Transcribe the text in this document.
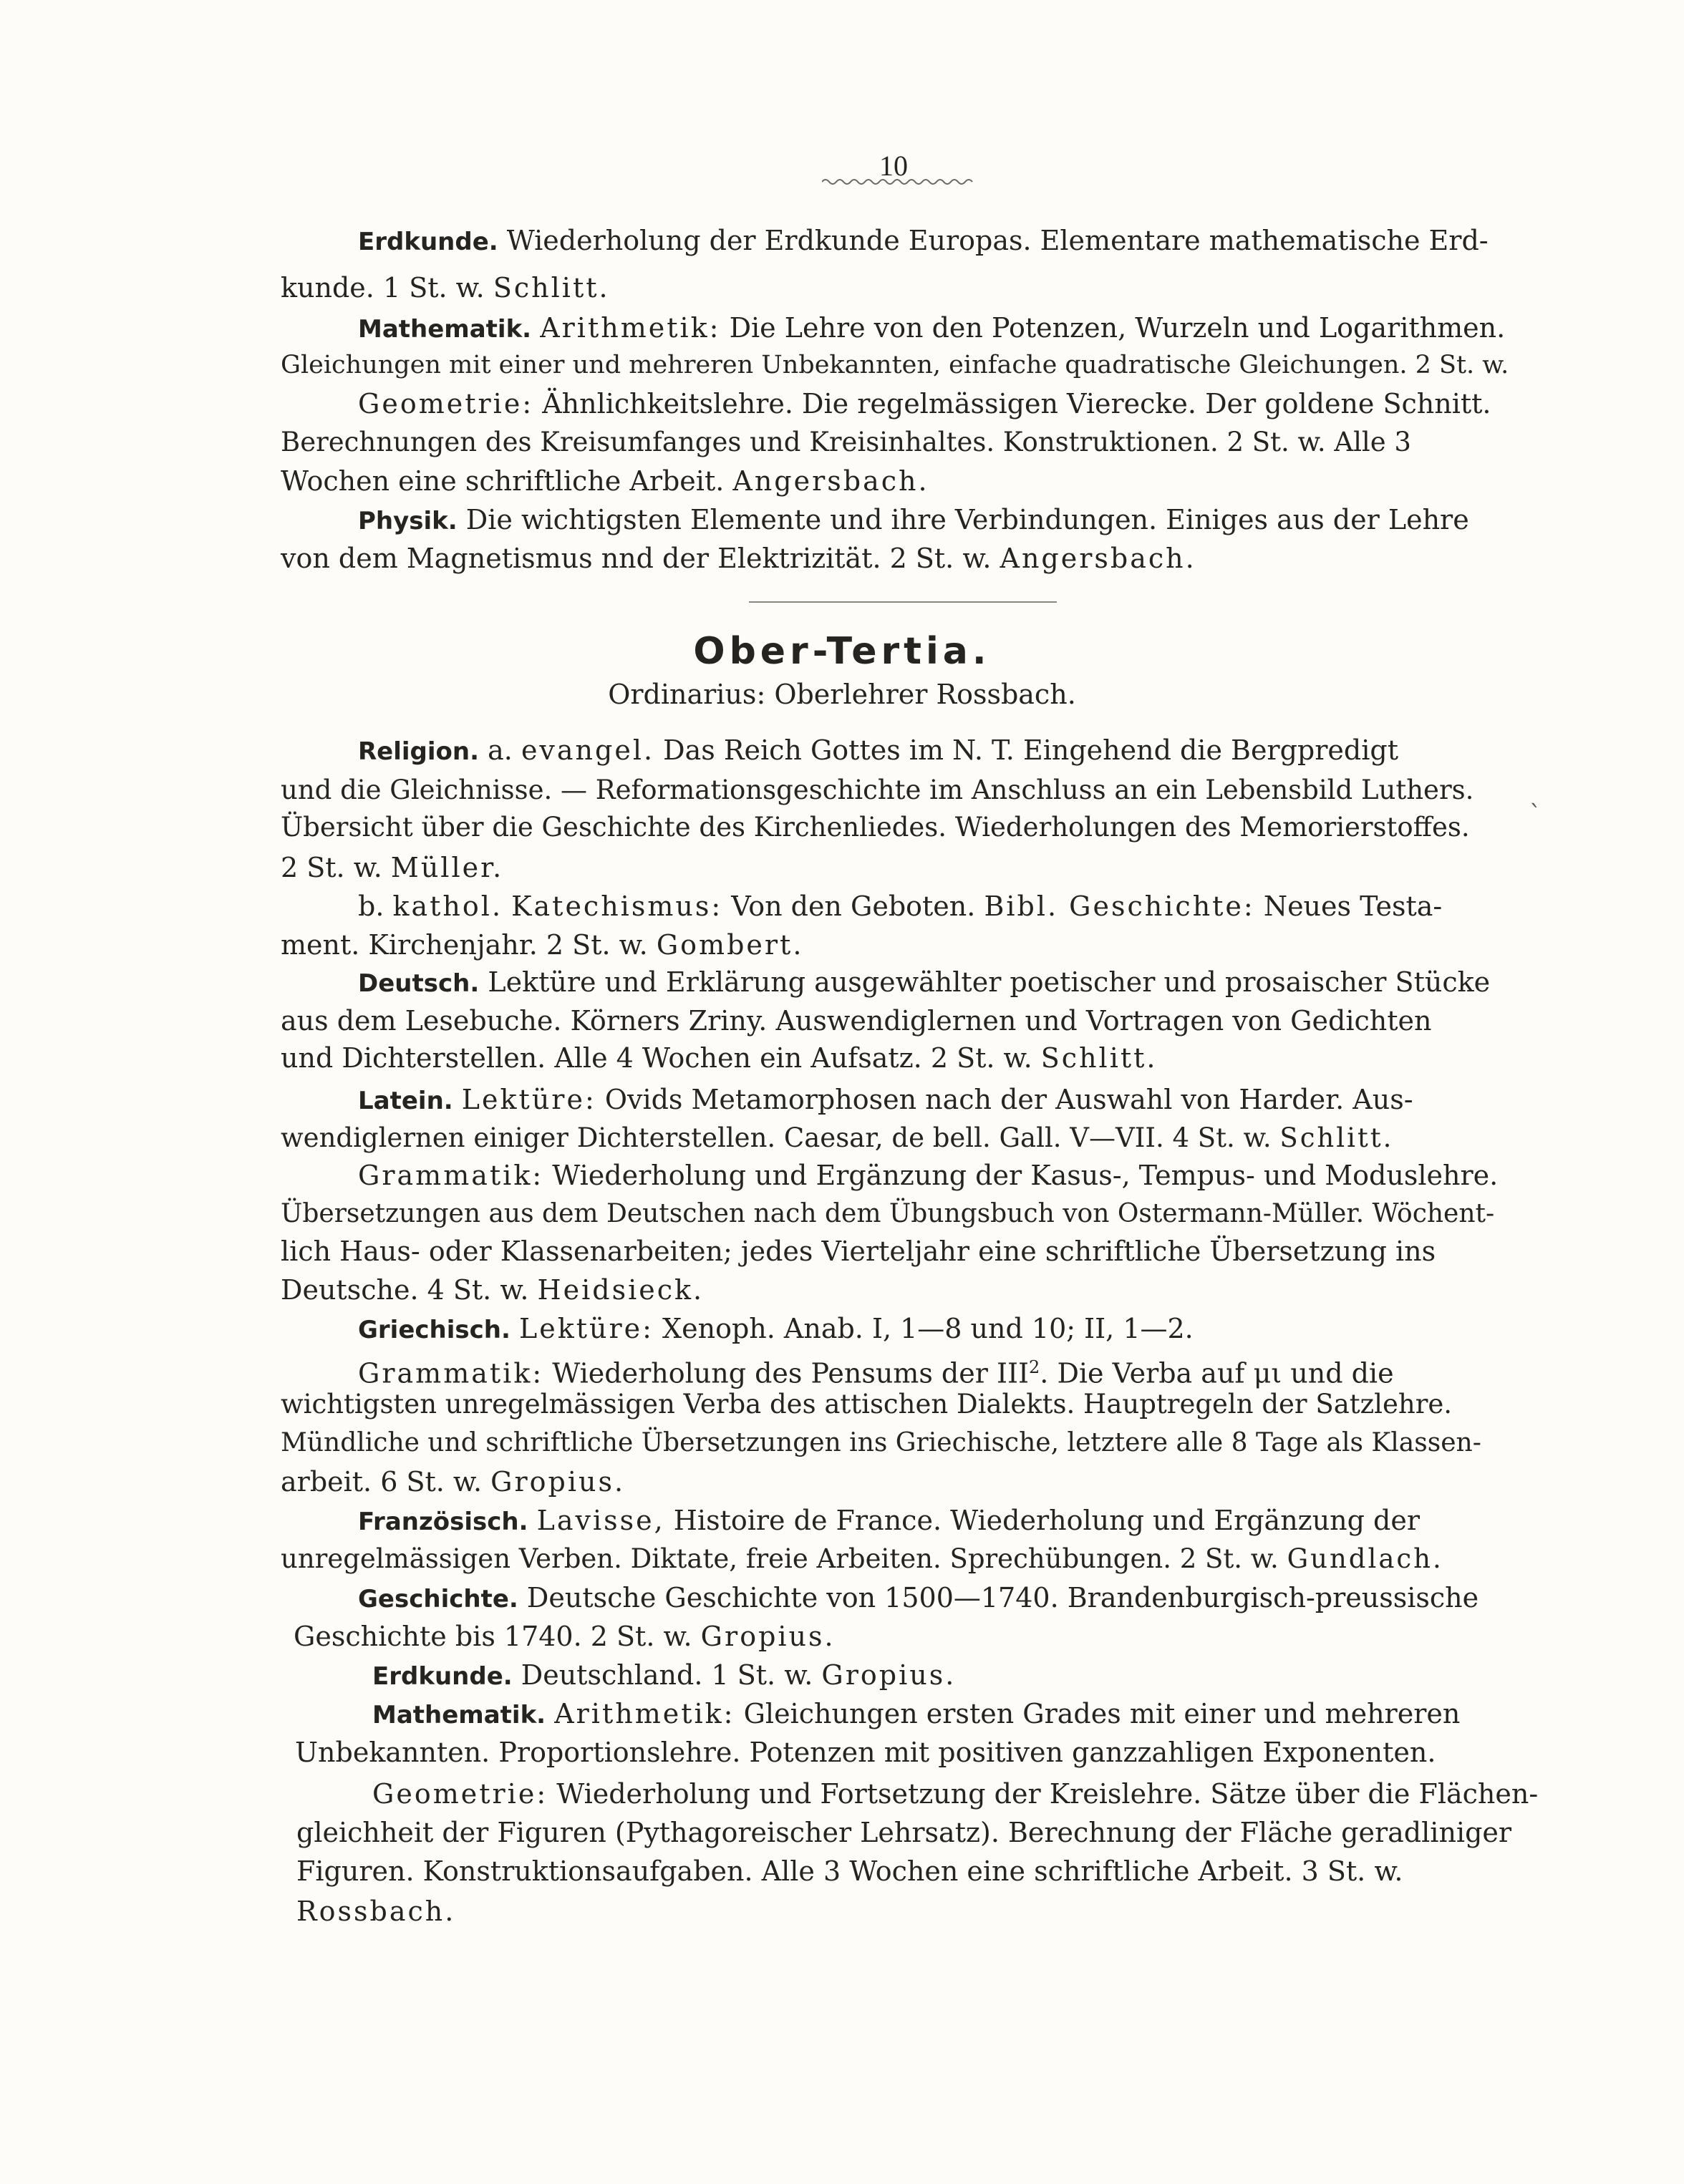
10
Erdkunde. Wiederholung der Erdkunde Europas. Elementare mathematische Erd-
kunde. 1 St. w. Schlitt.
Mathematik. Arithmetik: Die Lehre von den Potenzen, Wurzeln und Logarithmen.
Gleichungen mit einer und mehreren Unbekannten, einfache quadratische Gleichungen. 2 St. w.
Geometrie: Ähnlichkeitslehre. Die regelmässigen Vierecke. Der goldene Schnitt.
Berechnungen des Kreisumfanges und Kreisinhaltes. Konstruktionen. 2 St. w. Alle 3
Wochen eine schriftliche Arbeit. Angersbach.
Physik. Die wichtigsten Elemente und ihre Verbindungen. Einiges aus der Lehre
von dem Magnetismus nnd der Elektrizität. 2 St. w. Angersbach.
Ober-Tertia.
Ordinarius: Oberlehrer Rossbach.
Religion. a. evangel. Das Reich Gottes im N. T. Eingehend die Bergpredigt
und die Gleichnisse. — Reformationsgeschichte im Anschluss an ein Lebensbild Luthers.
Übersicht über die Geschichte des Kirchenliedes. Wiederholungen des Memorierstoffes. ˋ
2 St. w. Müller.
b. kathol. Katechismus: Von den Geboten. Bibl. Geschichte: Neues Testa-
ment. Kirchenjahr. 2 St. w. Gombert.
Deutsch. Lektüre und Erklärung ausgewählter poetischer und prosaischer Stücke
aus dem Lesebuche. Körners Zriny. Auswendiglernen und Vortragen von Gedichten
und Dichterstellen. Alle 4 Wochen ein Aufsatz. 2 St. w. Schlitt.
Latein. Lektüre: Ovids Metamorphosen nach der Auswahl von Harder. Aus-
wendiglernen einiger Dichterstellen. Caesar, de bell. Gall. V—VII. 4 St. w. Schlitt.
Grammatik: Wiederholung und Ergänzung der Kasus-, Tempus- und Moduslehre.
Übersetzungen aus dem Deutschen nach dem Übungsbuch von Ostermann-Müller. Wöchent-
lich Haus- oder Klassenarbeiten; jedes Vierteljahr eine schriftliche Übersetzung ins
Deutsche. 4 St. w. Heidsieck.
Griechisch. Lektüre: Xenoph. Anab. I, 1—8 und 10; II, 1—2.
Grammatik: Wiederholung des Pensums der III$^2$. Die Verba auf μι und die
wichtigsten unregelmässigen Verba des attischen Dialekts. Hauptregeln der Satzlehre.
Mündliche und schriftliche Übersetzungen ins Griechische, letztere alle 8 Tage als Klassen-
arbeit. 6 St. w. Gropius.
Französisch. Lavisse, Histoire de France. Wiederholung und Ergänzung der
unregelmässigen Verben. Diktate, freie Arbeiten. Sprechübungen. 2 St. w. Gundlach.
Geschichte. Deutsche Geschichte von 1500—1740. Brandenburgisch-preussische
Geschichte bis 1740. 2 St. w. Gropius.
Erdkunde. Deutschland. 1 St. w. Gropius.
Mathematik. Arithmetik: Gleichungen ersten Grades mit einer und mehreren
Unbekannten. Proportionslehre. Potenzen mit positiven ganzzahligen Exponenten.
Geometrie: Wiederholung und Fortsetzung der Kreislehre. Sätze über die Flächen-
gleichheit der Figuren (Pythagoreischer Lehrsatz). Berechnung der Fläche geradliniger
Figuren. Konstruktionsaufgaben. Alle 3 Wochen eine schriftliche Arbeit. 3 St. w.
Rossbach.
